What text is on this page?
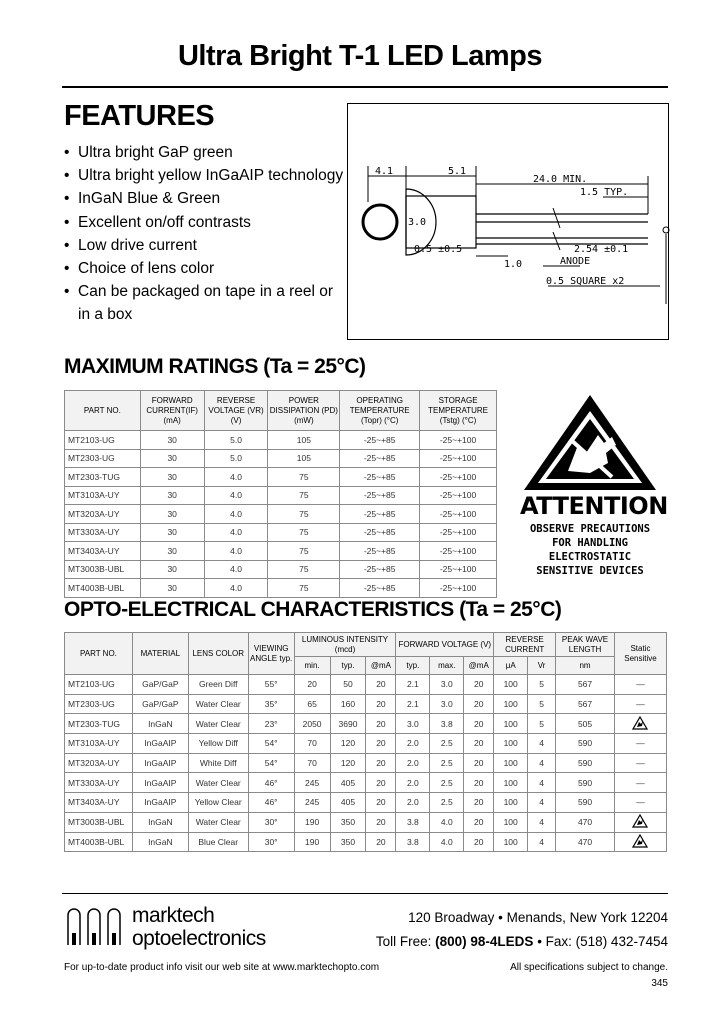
Ultra Bright T-1 LED Lamps
FEATURES
• Ultra bright GaP green
• Ultra bright yellow InGaAIP technology
• InGaN Blue & Green
• Excellent on/off contrasts
• Low drive current
• Choice of lens color
• Can be packaged on tape in a reel or in a box
4.1	5.1
24.0 MIN.
1.5 TYP.
3.0
0.5 ±0.5	2.54 ±0.1
ANODE
1.0
0.5 SQUARE x2
MAXIMUM RATINGS (Ta = 25°C)
PART NO.	FORWARD CURRENT(IF) (mA)	REVERSE VOLTAGE (VR) (V)	POWER DISSIPATION (PD) (mW)	OPERATING TEMPERATURE (Topr) (°C)	STORAGE TEMPERATURE (Tstg) (°C)
MT2103-UG	30	5.0	105	-25~+85	-25~+100
MT2303-UG	30	5.0	105	-25~+85	-25~+100
MT2303-TUG	30	4.0	75	-25~+85	-25~+100
MT3103A-UY	30	4.0	75	-25~+85	-25~+100
MT3203A-UY	30	4.0	75	-25~+85	-25~+100
MT3303A-UY	30	4.0	75	-25~+85	-25~+100
MT3403A-UY	30	4.0	75	-25~+85	-25~+100
MT3003B-UBL	30	4.0	75	-25~+85	-25~+100
MT4003B-UBL	30	4.0	75	-25~+85	-25~+100
ATTENTION
OBSERVE PRECAUTIONS
FOR HANDLING
ELECTROSTATIC
SENSITIVE DEVICES
OPTO-ELECTRICAL CHARACTERISTICS (Ta = 25°C)
PART NO.	MATERIAL	LENS COLOR	VIEWING ANGLE typ.	LUMINOUS INTENSITY (mcd)			FORWARD VOLTAGE (V)			REVERSE CURRENT		PEAK WAVE LENGTH	Static Sensitive
				min.	typ.	@mA	typ.	max.	@mA	μA	Vr	nm	
MT2103-UG	GaP/GaP	Green Diff	55°	20	50	20	2.1	3.0	20	100	5	567	—
MT2303-UG	GaP/GaP	Water Clear	35°	65	160	20	2.1	3.0	20	100	5	567	—
MT2303-TUG	InGaN	Water Clear	23°	2050	3690	20	3.0	3.8	20	100	5	505	
MT3103A-UY	InGaAIP	Yellow Diff	54°	70	120	20	2.0	2.5	20	100	4	590	—
MT3203A-UY	InGaAIP	White Diff	54°	70	120	20	2.0	2.5	20	100	4	590	—
MT3303A-UY	InGaAIP	Water Clear	46°	245	405	20	2.0	2.5	20	100	4	590	—
MT3403A-UY	InGaAIP	Yellow Clear	46°	245	405	20	2.0	2.5	20	100	4	590	—
MT3003B-UBL	InGaN	Water Clear	30°	190	350	20	3.8	4.0	20	100	4	470	
MT4003B-UBL	InGaN	Blue Clear	30°	190	350	20	3.8	4.0	20	100	4	470	
marktech
optoelectronics
120 Broadway • Menands, New York 12204
Toll Free: (800) 98-4LEDS • Fax: (518) 432-7454
For up-to-date product info visit our web site at www.marktechopto.com	All specifications subject to change.
345
